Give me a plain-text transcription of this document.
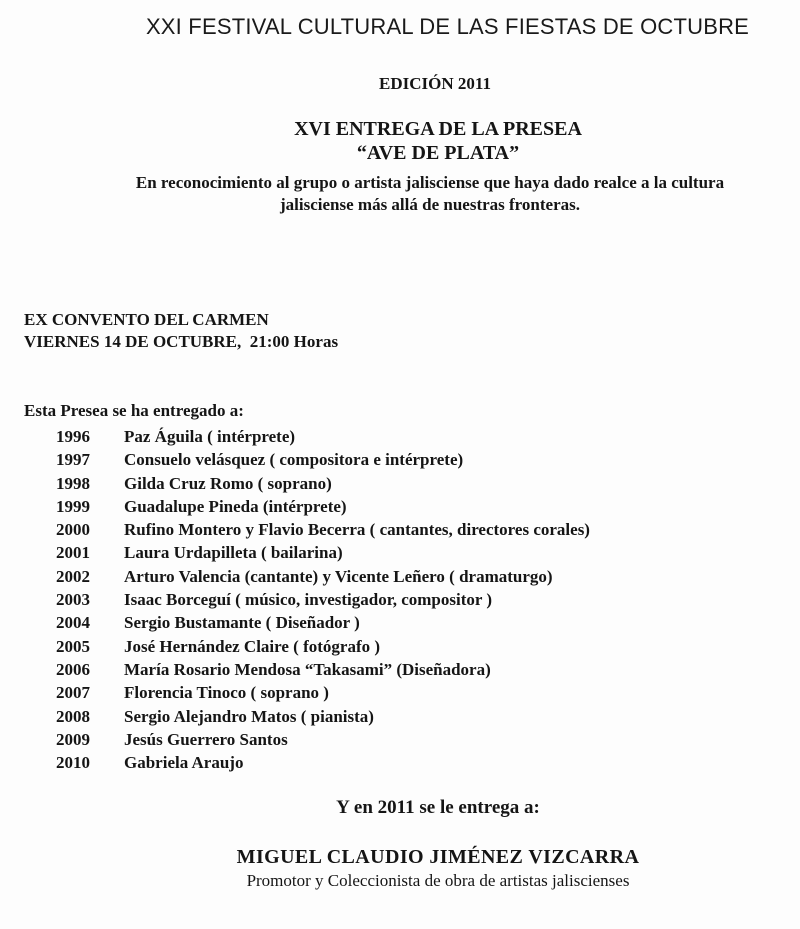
XXI FESTIVAL CULTURAL DE LAS FIESTAS DE OCTUBRE
EDICIÓN 2011
XVI ENTREGA DE LA PRESEA
“AVE DE PLATA”
En reconocimiento al grupo o artista jalisciense que haya dado realce a la cultura
jalisciense más allá de nuestras fronteras.
EX CONVENTO DEL CARMEN
VIERNES 14 DE OCTUBRE, 21:00 Horas
Esta Presea se ha entregado a:
1996 Paz Águila ( intérprete)
1997 Consuelo velásquez ( compositora e intérprete)
1998 Gilda Cruz Romo ( soprano)
1999 Guadalupe Pineda (intérprete)
2000 Rufino Montero y Flavio Becerra ( cantantes, directores corales)
2001 Laura Urdapilleta ( bailarina)
2002 Arturo Valencia (cantante) y Vicente Leñero ( dramaturgo)
2003 Isaac Borceguí ( músico, investigador, compositor )
2004 Sergio Bustamante ( Diseñador )
2005 José Hernández Claire ( fotógrafo )
2006 María Rosario Mendosa “Takasami” (Diseñadora)
2007 Florencia Tinoco ( soprano )
2008 Sergio Alejandro Matos ( pianista)
2009 Jesús Guerrero Santos
2010 Gabriela Araujo
Y en 2011 se le entrega a:
MIGUEL CLAUDIO JIMÉNEZ VIZCARRA
Promotor y Coleccionista de obra de artistas jaliscienses
